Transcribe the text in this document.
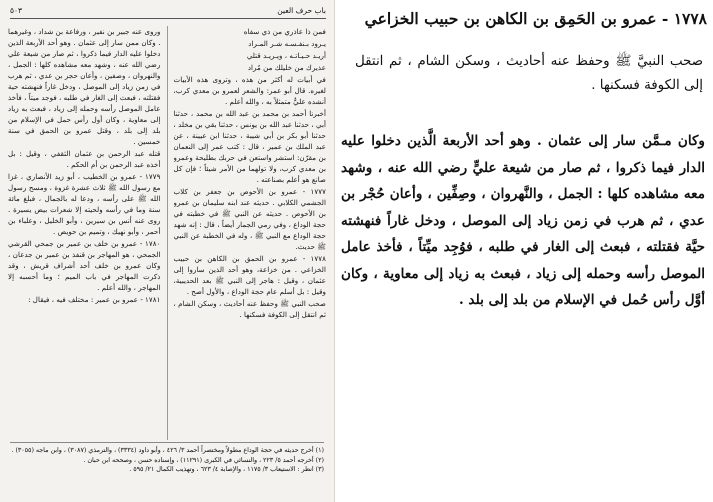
باب حرف العين
٥٠٣

فمن ذا عاذري من ذي سفاه

يـرود بـنفـسـه شـر المـراد

أريـد حـيـاتـه ، ويـريـد قتلي

عذيرك من خليلك من مُراد

في أبيات له أكثر من هذه ، وتروى هذه الأبيات لغيره. قال أبو عمر: والشعر لعمرو بن معدي كرب، أنشده عليٌّ متمثلاً به ، والله أعلم .

أخبرنا أحمد بن محمد بن عبد الله بن محمد ، حدثنا أبي ، حدثنا عبد الله بن يونس ، حدثنا بقي بن مخلد ، حدثنا أبو بكر بن أبي شيبة ، حدثنا ابن عيينة ، عن عبد الملك بن عمير ، قال : كتب عمر إلى النعمان بن مقرّن: استشر واستعن في حربك بطليحة وعمرو بن معدي كرب، ولا تولهما من الأمر شيئاً ؛ فإن كل صانع هو أعلم بصناعته .

١٧٧٧ - عمرو بن الأحوص بن جعفر بن كلاب الجشمي الكلابي . حديثه عند ابنه سليمان بن عمرو بن الأحوص . حديثه عن النبي ﷺ في خطبته في حجة الوداع ، وفي رمي الجمار أيضاً ، قال : إنه شهد حجة الوداع مع النبي ﷺ ، وله في الخطبة عن النبي ﷺ حديث.

١٧٧٨ - عمرو بن الحمق بن الكاهن بن حبيب الخزاعي . من خزاعة، وهو أحد الذين ساروا إلى عثمان ، وقيل : هاجر إلى النبي ﷺ بعد الحديبية، وقيل : بل أسلم عام حجة الوداع ، والأول أصح .

صحب النبي ﷺ وحفظ عنه أحاديث ، وسكن الشام ، ثم انتقل إلى الكوفة فسكنها .

وروى عنه جبير بن نفير ، ورفاعة بن شداد ، وغيرهما . وكان ممن سار إلى عثمان . وهو أحد الأربعة الذين دخلوا عليه الدار فيما ذكروا ، ثم صار من شيعة علي رضي الله عنه ، وشهد معه مشاهده كلها : الجمل ، والنهروان ، وصفين ، وأعان حجر بن عدي ، ثم هرب في زمن زياد إلى الموصل ، ودخل غاراً فنهشته حية فقتلته ، فبعث إلى الغار في طلبه ، فوجد ميتاً ، فأخذ عامل الموصل رأسه وحمله إلى زياد ، فبعث به زياد إلى معاوية ، وكان أول رأس حمل في الإسلام من بلد إلى بلد ، وقتل عمرو بن الحمق في سنة خمسين .

قتله عبد الرحمن بن عثمان الثقفي ، وقيل : بل أخذه عبد الرحمن بن أم الحكم .

١٧٧٩ - عمرو بن الخطيب ، أبو زيد الأنصاري ، غزا مع رسول الله ﷺ ثلاث عشرة غزوة ، ومسح رسول الله ﷺ على رأسه ، ودعا له بالجمال ، فبلغ مائة سنة وما في رأسه ولحيته إلا شعرات بيض يسيرة . روى عنه أنس بن سيرين ، وأبو الخليل ، وعلباء بن أحمر ، وأبو نهيك ، وتميم بن حويص .

١٧٨٠ - عمرو بن خلف بن عمير بن جمحي القرشي الجمحي ، هو المهاجر بن قنفذ بن عمير بن جدعان ، وكان عمرو بن خلف أحد أشراف قريش ، وقد ذكرت المهاجر في باب الميم ؛ وما أحسبه إلا المهاجر ، والله أعلم .

١٧٨١ - عمرو بن عمير : مختلف فيه ، فيقال :

(١) أخرج حديثه في حجة الوداع مطولاً ومختصراً أحمد ٣/ ٤٢٦ ، وأبو داود (٣٣٣٤) ، والترمذي (٣٠٨٧) ، وابن ماجه (٣٠٥٥) .

(٢) أخرجه أحمد ٥/ ٢٢٣ ، والنسائي في الكبرى (١١٢٩١) ، وإسناده حسن ، وصححه ابن حبان .

(٣) انظر : الاستيعاب ٣/ ١١٧٥ ، والإصابة ٤/ ٦٢٣ ، وتهذيب الكمال ٢١/ ٥٩٥ .

١٧٧٨ - عمرو بن الحَمِق بن الكاهن بن حبيب الخزاعي

صحب النبيَّ ﷺ وحفظ عنه أحاديث ، وسكن الشام ، ثم انتقل إلى الكوفة فسكنها .

وكان مـمَّن سار إلى عثمان . وهو أحد الأربعة الَّذين دخلوا عليه الدار فيما ذكروا ، ثم صار من شيعة عليٍّ رضي الله عنه ، وشهد معه مشاهده كلها : الجمل ، والنَّهروان ، وصِفِّين ، وأعان حُجْر بن عدي ، ثم هرب في زمن زياد إلى الموصل ، ودخل غاراً فنهشته حيَّة فقتلته ، فبعث إلى الغار في طلبه ، فوُجِد ميِّتاً ، فأخذ عامل الموصل رأسه وحمله إلى زياد ، فبعث به زياد إلى معاوية ، وكان أوَّل رأس حُمل في الإسلام من بلد إلى بلد .
